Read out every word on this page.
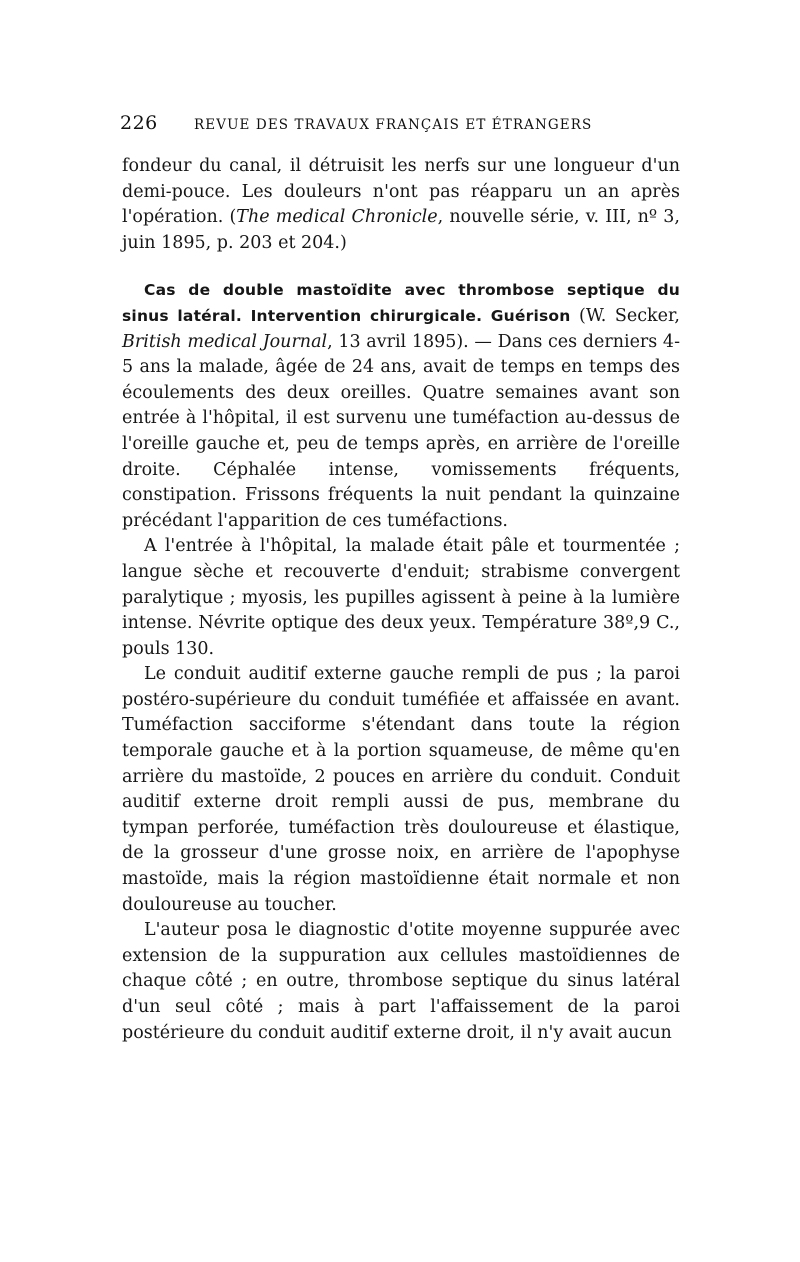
226	REVUE DES TRAVAUX FRANÇAIS ET ÉTRANGERS

fondeur du canal, il détruisit les nerfs sur une longueur d'un demi-pouce. Les douleurs n'ont pas réapparu un an après l'opération. (The medical Chronicle, nouvelle série, v. III, nº 3, juin 1895, p. 203 et 204.)

Cas de double mastoïdite avec thrombose septique du sinus latéral. Intervention chirurgicale. Guérison (W. Secker, British medical Journal, 13 avril 1895). — Dans ces derniers 4-5 ans la malade, âgée de 24 ans, avait de temps en temps des écoulements des deux oreilles. Quatre semaines avant son entrée à l'hôpital, il est survenu une tuméfaction au-dessus de l'oreille gauche et, peu de temps après, en arrière de l'oreille droite. Céphalée intense, vomissements fréquents, constipation. Frissons fréquents la nuit pendant la quinzaine précédant l'apparition de ces tuméfactions.

A l'entrée à l'hôpital, la malade était pâle et tourmentée ; langue sèche et recouverte d'enduit; strabisme convergent paralytique ; myosis, les pupilles agissent à peine à la lumière intense. Névrite optique des deux yeux. Température 38º,9 C., pouls 130.

Le conduit auditif externe gauche rempli de pus ; la paroi postéro-supérieure du conduit tuméfiée et affaissée en avant. Tuméfaction sacciforme s'étendant dans toute la région temporale gauche et à la portion squameuse, de même qu'en arrière du mastoïde, 2 pouces en arrière du conduit. Conduit auditif externe droit rempli aussi de pus, membrane du tympan perforée, tuméfaction très douloureuse et élastique, de la grosseur d'une grosse noix, en arrière de l'apophyse mastoïde, mais la région mastoïdienne était normale et non douloureuse au toucher.

L'auteur posa le diagnostic d'otite moyenne suppurée avec extension de la suppuration aux cellules mastoïdiennes de chaque côté ; en outre, thrombose septique du sinus latéral d'un seul côté ; mais à part l'affaissement de la paroi postérieure du conduit auditif externe droit, il n'y avait aucun
